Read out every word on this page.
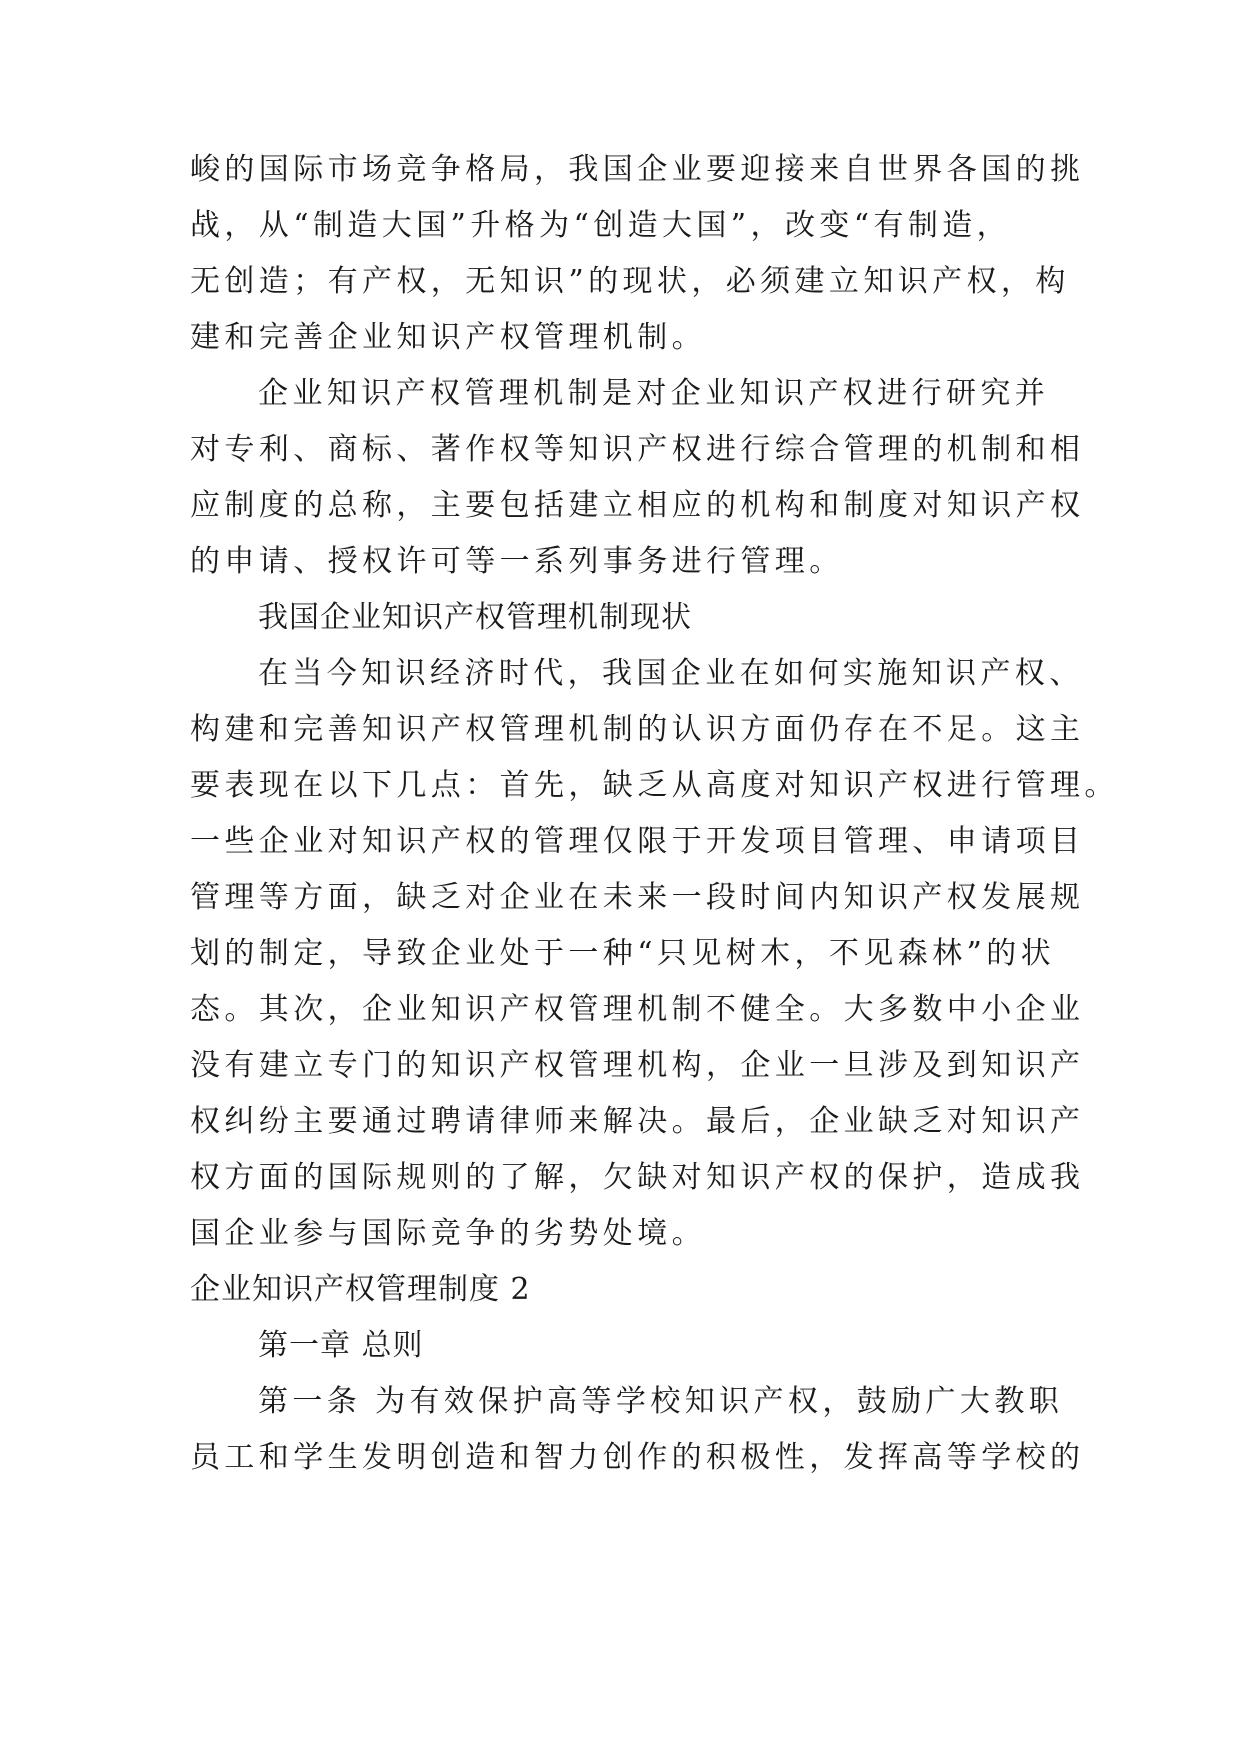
峻的国际市场竞争格局，我国企业要迎接来自世界各国的挑
战，从“制造大国”升格为“创造大国”，改变“有制造，
无创造；有产权，无知识”的现状，必须建立知识产权，构
建和完善企业知识产权管理机制。
企业知识产权管理机制是对企业知识产权进行研究并
对专利、商标、著作权等知识产权进行综合管理的机制和相
应制度的总称，主要包括建立相应的机构和制度对知识产权
的申请、授权许可等一系列事务进行管理。
我国企业知识产权管理机制现状
在当今知识经济时代，我国企业在如何实施知识产权、
构建和完善知识产权管理机制的认识方面仍存在不足。这主
要表现在以下几点：首先，缺乏从高度对知识产权进行管理。
一些企业对知识产权的管理仅限于开发项目管理、申请项目
管理等方面，缺乏对企业在未来一段时间内知识产权发展规
划的制定，导致企业处于一种“只见树木，不见森林”的状
态。其次，企业知识产权管理机制不健全。大多数中小企业
没有建立专门的知识产权管理机构，企业一旦涉及到知识产
权纠纷主要通过聘请律师来解决。最后，企业缺乏对知识产
权方面的国际规则的了解，欠缺对知识产权的保护，造成我
国企业参与国际竞争的劣势处境。
企业知识产权管理制度 2
第一章 总则
第一条 为有效保护高等学校知识产权，鼓励广大教职
员工和学生发明创造和智力创作的积极性，发挥高等学校的
